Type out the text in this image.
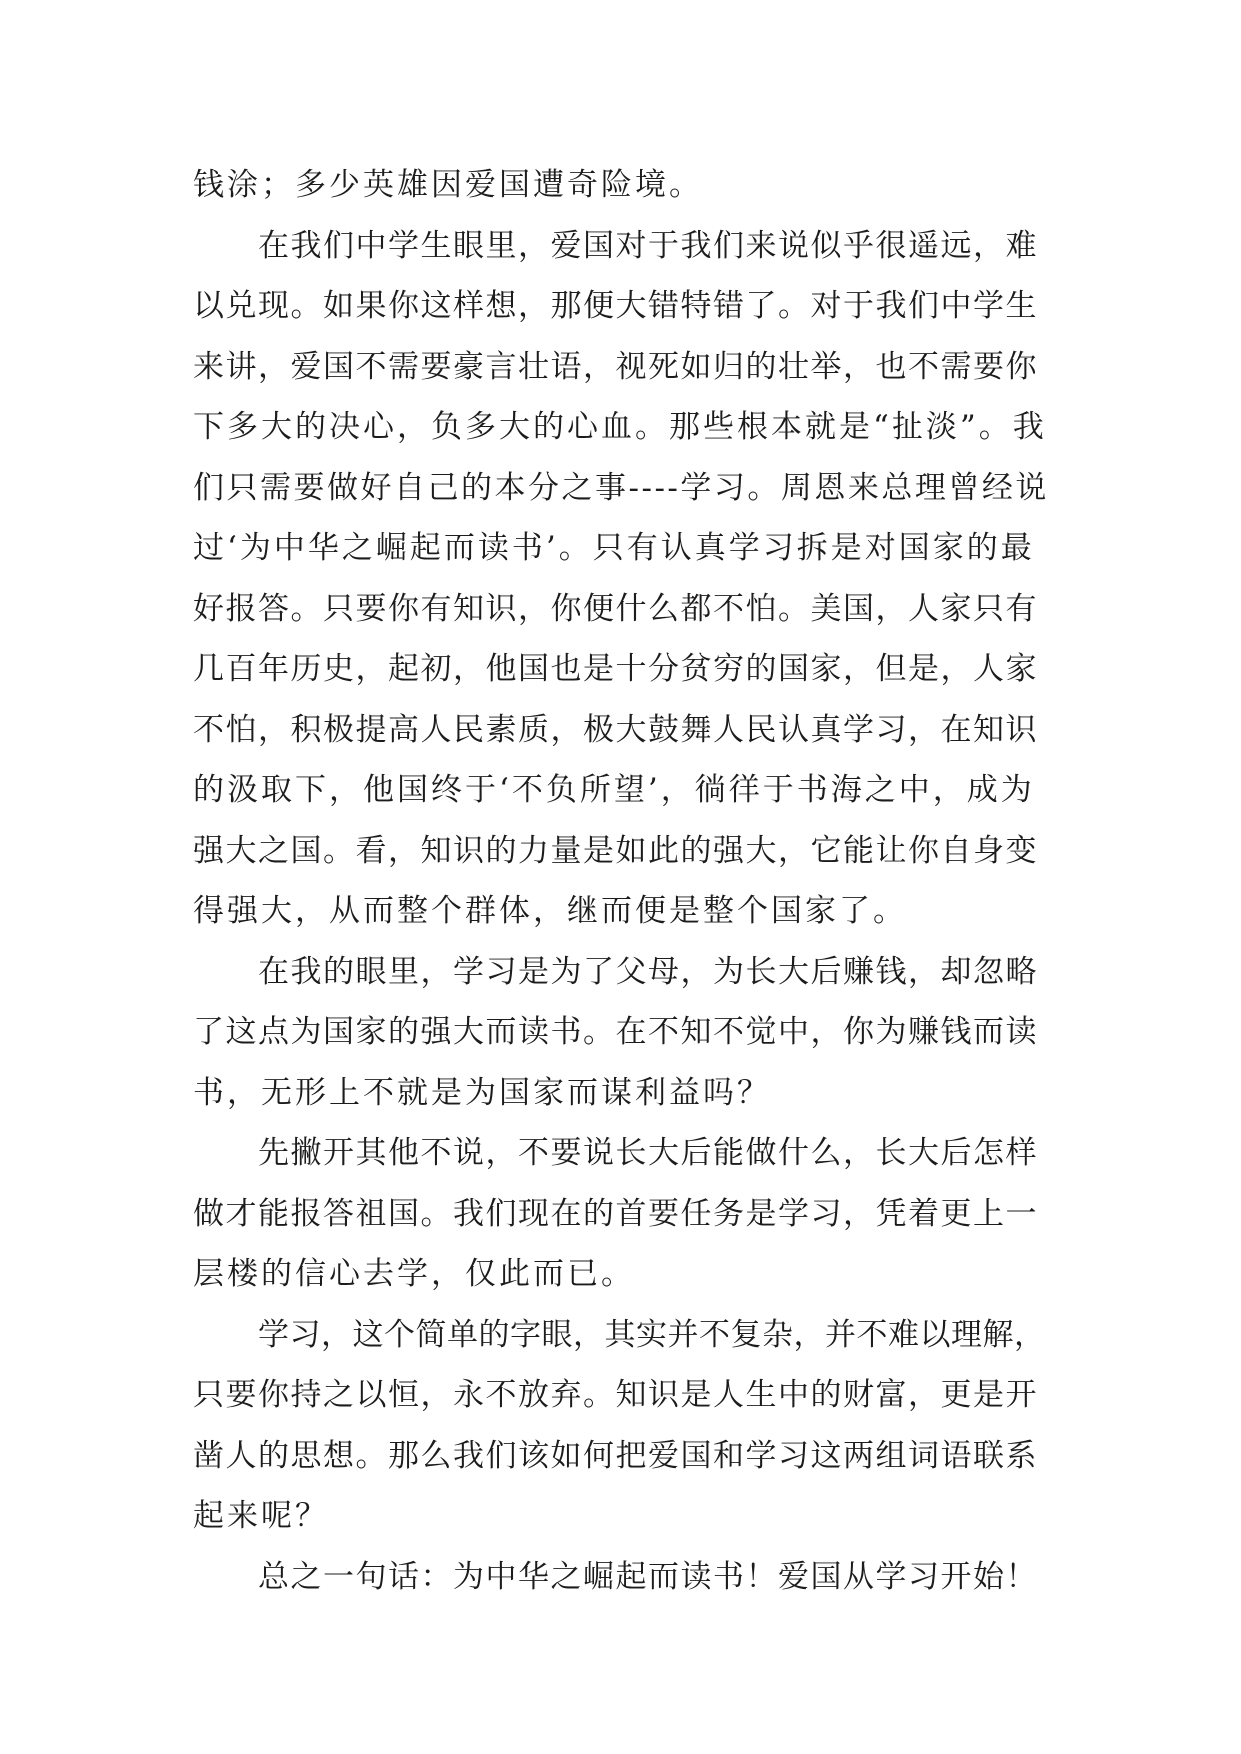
钱涂；多少英雄因爱国遭奇险境。
在我们中学生眼里，爱国对于我们来说似乎很遥远，难
以兑现。如果你这样想，那便大错特错了。对于我们中学生
来讲，爱国不需要豪言壮语，视死如归的壮举，也不需要你
下多大的决心，负多大的心血。那些根本就是“扯淡”。我
们只需要做好自己的本分之事----学习。周恩来总理曾经说
过‘为中华之崛起而读书’。只有认真学习拆是对国家的最
好报答。只要你有知识，你便什么都不怕。美国，人家只有
几百年历史，起初，他国也是十分贫穷的国家，但是，人家
不怕，积极提高人民素质，极大鼓舞人民认真学习，在知识
的汲取下，他国终于‘不负所望’，徜徉于书海之中，成为
强大之国。看，知识的力量是如此的强大，它能让你自身变
得强大，从而整个群体，继而便是整个国家了。
在我的眼里，学习是为了父母，为长大后赚钱，却忽略
了这点为国家的强大而读书。在不知不觉中，你为赚钱而读
书，无形上不就是为国家而谋利益吗？
先撇开其他不说，不要说长大后能做什么，长大后怎样
做才能报答祖国。我们现在的首要任务是学习，凭着更上一
层楼的信心去学，仅此而已。
学习，这个简单的字眼，其实并不复杂，并不难以理解，
只要你持之以恒，永不放弃。知识是人生中的财富，更是开
凿人的思想。那么我们该如何把爱国和学习这两组词语联系
起来呢？
总之一句话：为中华之崛起而读书！爱国从学习开始！
